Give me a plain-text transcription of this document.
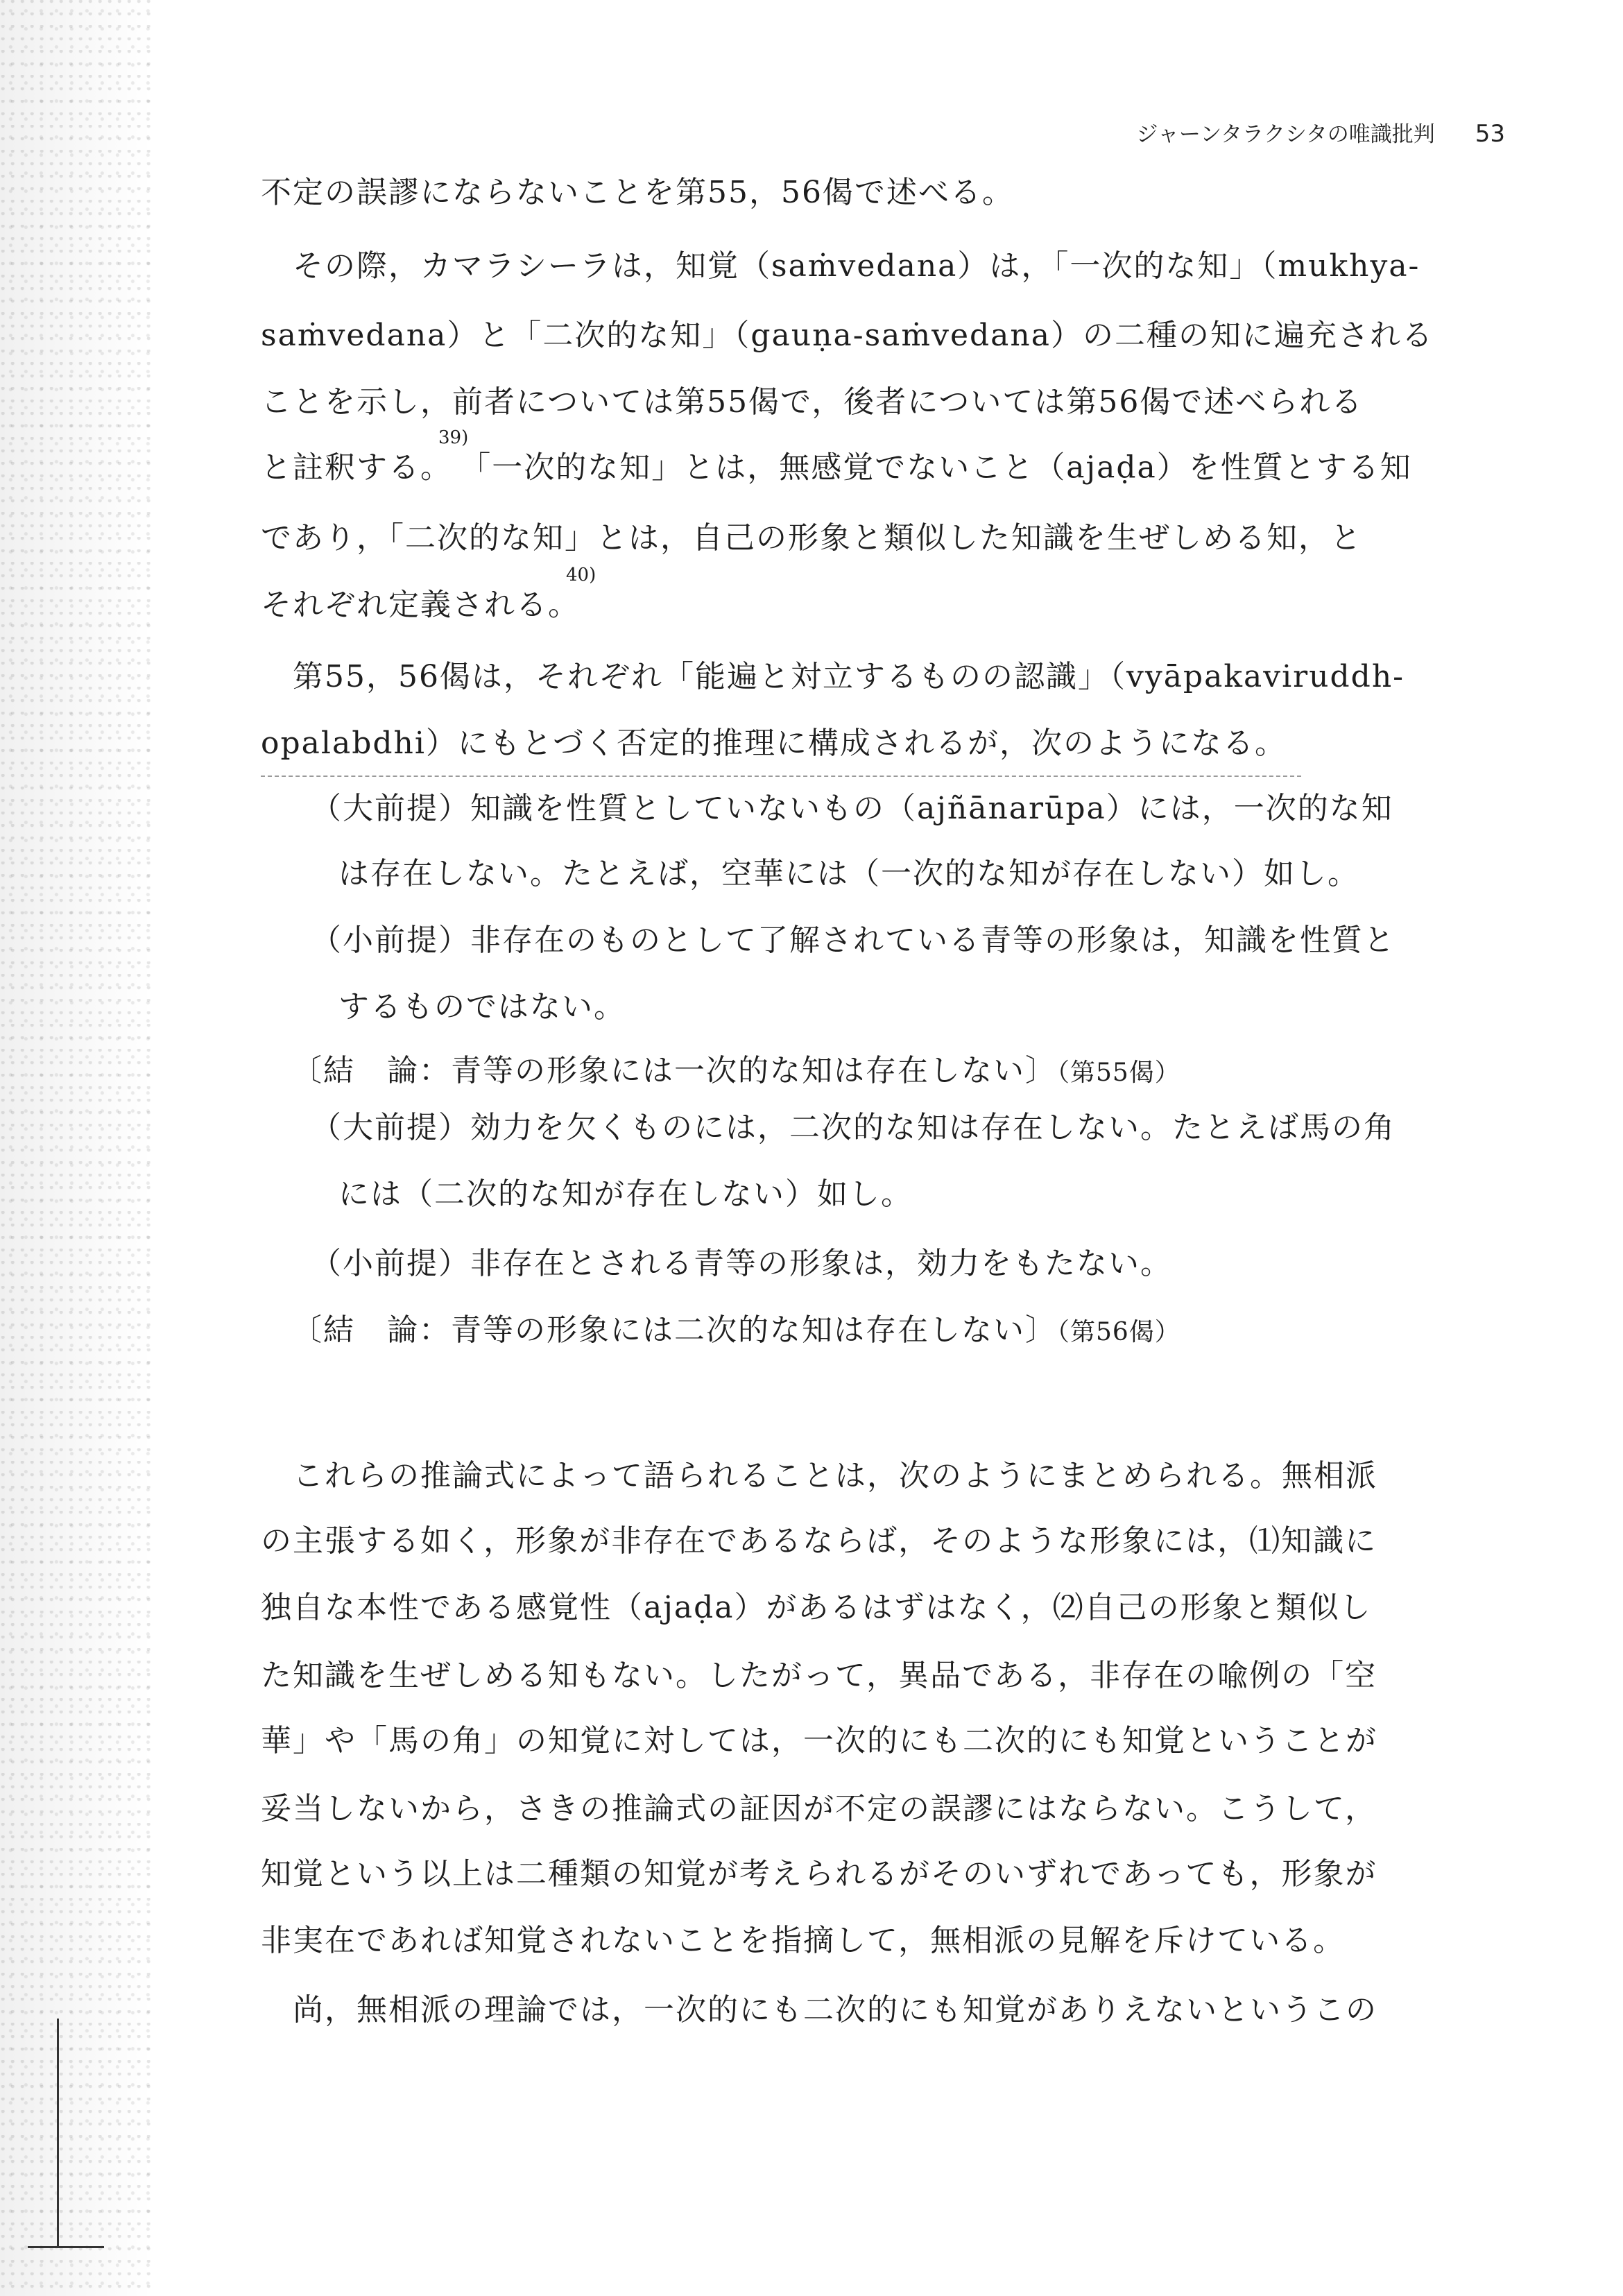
ジャーンタラクシタの唯識批判 53
不定の誤謬にならないことを第55，56偈で述べる。
　その際，カマラシーラは，知覚（saṁvedana）は，「一次的な知」（mukhya-
saṁvedana）と「二次的な知」（gauṇa-saṁvedana）の二種の知に遍充される
ことを示し，前者については第55偈で，後者については第56偈で述べられる
と註釈する。$^{39)}$「一次的な知」とは，無感覚でないこと（ajaḍa）を性質とする知
であり，「二次的な知」とは，自己の形象と類似した知識を生ぜしめる知，と
それぞれ定義される。$^{40)}$
　第55，56偈は，それぞれ「能遍と対立するものの認識」（vyāpakaviruddh-
opalabdhi）にもとづく否定的推理に構成されるが，次のようになる。
（大前提）知識を性質としていないもの（ajñānarūpa）には，一次的な知
は存在しない。たとえば，空華には（一次的な知が存在しない）如し。
（小前提）非存在のものとして了解されている青等の形象は，知識を性質と
するものではない。
〔結　論：青等の形象には一次的な知は存在しない〕（第55偈）
（大前提）効力を欠くものには，二次的な知は存在しない。たとえば馬の角
には（二次的な知が存在しない）如し。
（小前提）非存在とされる青等の形象は，効力をもたない。
〔結　論：青等の形象には二次的な知は存在しない〕（第56偈）
　これらの推論式によって語られることは，次のようにまとめられる。無相派
の主張する如く，形象が非存在であるならば，そのような形象には，⑴知識に
独自な本性である感覚性（ajaḍa）があるはずはなく，⑵自己の形象と類似し
た知識を生ぜしめる知もない。したがって，異品である，非存在の喩例の「空
華」や「馬の角」の知覚に対しては，一次的にも二次的にも知覚ということが
妥当しないから，さきの推論式の証因が不定の誤謬にはならない。こうして，
知覚という以上は二種類の知覚が考えられるがそのいずれであっても，形象が
非実在であれば知覚されないことを指摘して，無相派の見解を斥けている。
　尚，無相派の理論では，一次的にも二次的にも知覚がありえないというこの
